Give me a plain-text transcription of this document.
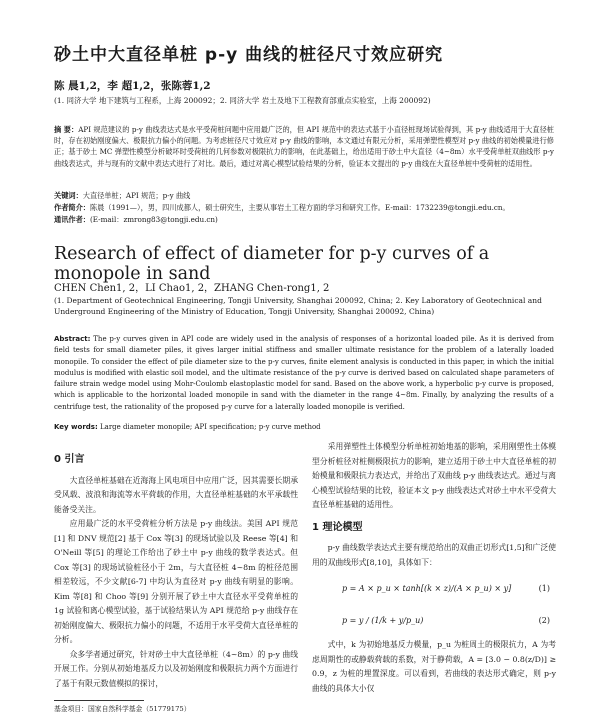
砂土中大直径单桩 p-y 曲线的桩径尺寸效应研究
陈 晨1,2，李 超1,2，张陈蓉1,2
(1. 同济大学 地下建筑与工程系，上海 200092；2. 同济大学 岩土及地下工程教育部重点实验室，上海 200092)
摘 要：API 规范建议的 p-y 曲线表达式是水平受荷桩问题中应用最广泛的，但 API 规范中的表达式基于小直径桩现场试验得到，其 p-y 曲线适用于大直径桩时，存在初始刚度偏大、极限抗力偏小的问题。为考虑桩径尺寸效应对 p-y 曲线的影响，本文通过有限元分析，采用弹塑性模型对 p-y 曲线的初始模量进行修正；基于砂土 MC 弹塑性模型分析破坏时受荷桩的几何参数对极限抗力的影响，在此基础上，给出适用于砂土中大直径（4~8m）水平受荷单桩双曲线形 p-y 曲线表达式，并与现有的文献中表达式进行了对比。最后，通过对离心模型试验结果的分析，验证本文提出的 p-y 曲线在大直径单桩中受荷桩的适用性。
关键词：大直径单桩；API 规范；p-y 曲线
作者简介：陈晨（1991—），男，四川成都人，硕士研究生，主要从事岩土工程方面的学习和研究工作。E-mail：1732239@tongji.edu.cn。
通讯作者：(E-mail：zmrong83@tongji.edu.cn)
Research of effect of diameter for p-y curves of a monopole in sand
CHEN Chen1, 2，LI Chao1, 2，ZHANG Chen-rong1, 2
(1. Department of Geotechnical Engineering, Tongji University, Shanghai 200092, China; 2. Key Laboratory of Geotechnical and Underground Engineering of the Ministry of Education, Tongji University, Shanghai 200092, China)
Abstract: The p-y curves given in API code are widely used in the analysis of responses of a horizontal loaded pile. As it is derived from field tests for small diameter piles, it gives larger initial stiffness and smaller ultimate resistance for the problem of a laterally loaded monopile. To consider the effect of pile diameter size to the p-y curves, finite element analysis is conducted in this paper, in which the initial modulus is modified with elastic soil model, and the ultimate resistance of the p-y curve is derived based on calculated shape parameters of failure strain wedge model using Mohr-Coulomb elastoplastic model for sand. Based on the above work, a hyperbolic p-y curve is proposed, which is applicable to the horizontal loaded monopile in sand with the diameter in the range 4~8m. Finally, by analyzing the results of a centrifuge test, the rationality of the proposed p-y curve for a laterally loaded monopile is verified.
Key words: Large diameter monopile; API specification; p-y curve method
0 引言

大直径单桩基础在近海海上风电项目中应用广泛，因其需要长期承受风载、波浪和海流等水平荷载的作用，大直径单桩基础的水平承载性能备受关注。

应用最广泛的水平受荷桩分析方法是 p-y 曲线法。美国 API 规范[1] 和 DNV 规范[2] 基于 Cox 等[3] 的现场试验以及 Reese 等[4] 和 O'Neill 等[5] 的理论工作给出了砂土中 p-y 曲线的数学表达式。但 Cox 等[3] 的现场试验桩径小于 2m，与大直径桩 4~8m 的桩径范围相差较远，不少文献[6-7] 中均认为直径对 p-y 曲线有明显的影响。Kim 等[8] 和 Choo 等[9] 分别开展了砂土中大直径水平受荷单桩的 1g 试验和离心模型试验，基于试验结果认为 API 规范给 p-y 曲线存在初始刚度偏大、极限抗力偏小的问题，不适用于水平受荷大直径单桩的分析。

众多学者通过研究，针对砂土中大直径单桩（4~8m）的 p-y 曲线开展工作。分别从初始地基反力以及初始刚度和极限抗力两个方面进行了基于有限元数值模拟的探讨，

采用弹塑性土体模型分析单桩初始地基的影响，采用刚塑性土体模型分析桩径对桩侧极限抗力的影响，建立适用于砂土中大直径单桩的初始模量和极限抗力表达式，并给出了双曲线 p-y 曲线表达式。通过与离心模型试验结果的比较，验证本文 p-y 曲线表达式对砂土中水平受荷大直径单桩基础的适用性。

1 理论模型

p-y 曲线数学表达式主要有规范给出的双曲正切形式[1,5]和广泛使用的双曲线形式[8,10]，具体如下：

p = A × p_u × tanh[(k × z)/(A × p_u) × y]	(1)
p = y / (1/k + y/p_u)	(2)

式中，k 为初始地基反力模量，p_u 为桩周土的极限抗力，A 为考虑周期性的或静载荷载的系数，对于静荷载，A = [3.0 − 0.8(z/D)] ≥ 0.9，z 为桩的埋置深度。可以看到，若曲线的表达形式确定，则 p-y 曲线的具体大小仅

基金项目：国家自然科学基金（51779175）
